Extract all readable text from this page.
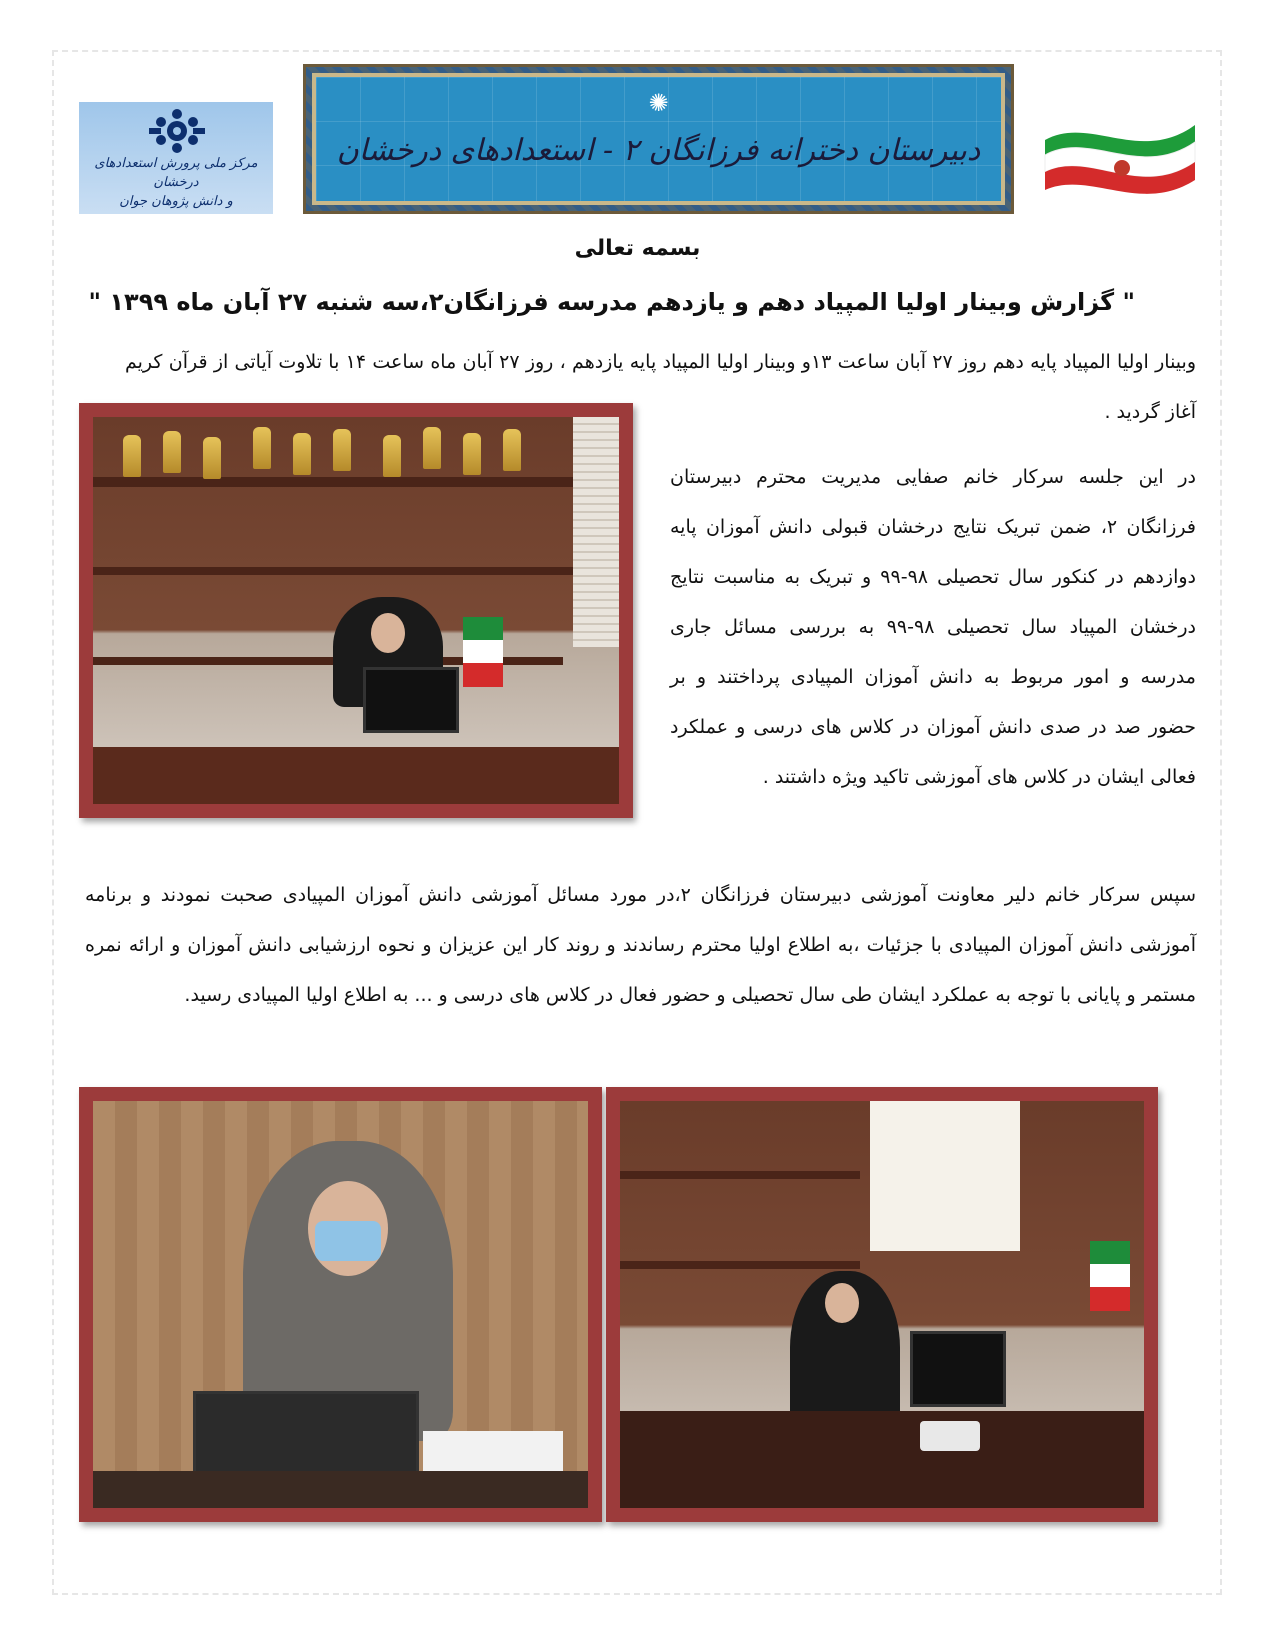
مرکز ملی پرورش استعدادهای درخشان
و دانش پژوهان جوان
✺
دبیرستان دخترانه فرزانگان ۲ - استعدادهای درخشان
بسمه تعالی
" گزارش وبینار اولیا المپیاد دهم و یازدهم مدرسه فرزانگان۲،سه شنبه ۲۷ آبان ماه ۱۳۹۹ "

وبینار اولیا المپیاد پایه دهم روز ۲۷ آبان ساعت ۱۳و وبینار اولیا المپیاد پایه یازدهم ، روز ۲۷ آبان ماه ساعت ۱۴ با تلاوت آیاتی از قرآن کریم آغاز گردید .

در این جلسه سرکار خانم صفایی مدیریت محترم دبیرستان فرزانگان ۲، ضمن تبریک نتایج درخشان قبولی دانش آموزان پایه دوازدهم در کنکور سال تحصیلی ۹۸-۹۹ و تبریک به مناسبت نتایج درخشان المپیاد سال تحصیلی ۹۸-۹۹ به بررسی مسائل جاری مدرسه و امور مربوط به دانش آموزان المپیادی پرداختند و بر حضور صد در صدی دانش آموزان در کلاس های درسی و عملکرد فعالی ایشان در کلاس های آموزشی تاکید ویژه داشتند .

سپس سرکار خانم دلیر معاونت آموزشی دبیرستان فرزانگان ۲،در مورد مسائل آموزشی دانش آموزان المپیادی صحبت نمودند و برنامه آموزشی دانش آموزان المپیادی با جزئیات ،به اطلاع اولیا محترم رساندند و روند کار این عزیزان و نحوه ارزشیابی دانش آموزان و ارائه نمره مستمر و پایانی با توجه به عملکرد ایشان طی سال تحصیلی و حضور فعال در کلاس های درسی و ... به اطلاع اولیا المپیادی رسید.
